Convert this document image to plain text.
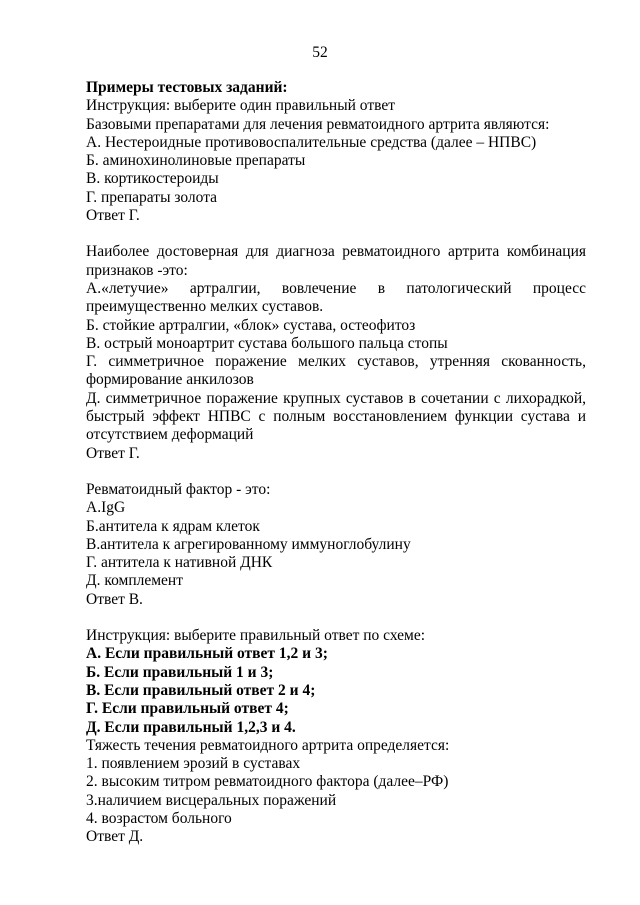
52
Примеры тестовых заданий:
Инструкция: выберите один правильный ответ
Базовыми препаратами для лечения ревматоидного артрита являются:
А. Нестероидные противовоспалительные средства (далее – НПВС)
Б. аминохинолиновые препараты
В. кортикостероиды
Г. препараты золота
Ответ Г.
Наиболее достоверная для диагноза ревматоидного артрита комбинация признаков -это:
А.«летучие» артралгии, вовлечение в патологический процесс преимущественно мелких суставов.
Б. стойкие артралгии, «блок» сустава, остеофитоз
В. острый моноартрит сустава большого пальца стопы
Г. симметричное поражение мелких суставов, утренняя скованность, формирование анкилозов
Д. симметричное поражение крупных суставов в сочетании с лихорадкой, быстрый эффект НПВС с полным восстановлением функции сустава и отсутствием деформаций
Ответ Г.
Ревматоидный фактор - это:
А.IgG
Б.антитела к ядрам клеток
В.антитела к агрегированному иммуноглобулину
Г. антитела к нативной ДНК
Д. комплемент
Ответ В.
Инструкция: выберите правильный ответ по схеме:
А. Если правильный ответ 1,2 и 3;
Б. Если правильный 1 и 3;
В. Если правильный ответ 2 и 4;
Г. Если правильный ответ 4;
Д. Если правильный 1,2,3 и 4.
Тяжесть течения ревматоидного артрита определяется:
1. появлением эрозий в суставах
2. высоким титром ревматоидного фактора (далее–РФ)
3.наличием висцеральных поражений
4. возрастом больного
Ответ Д.
